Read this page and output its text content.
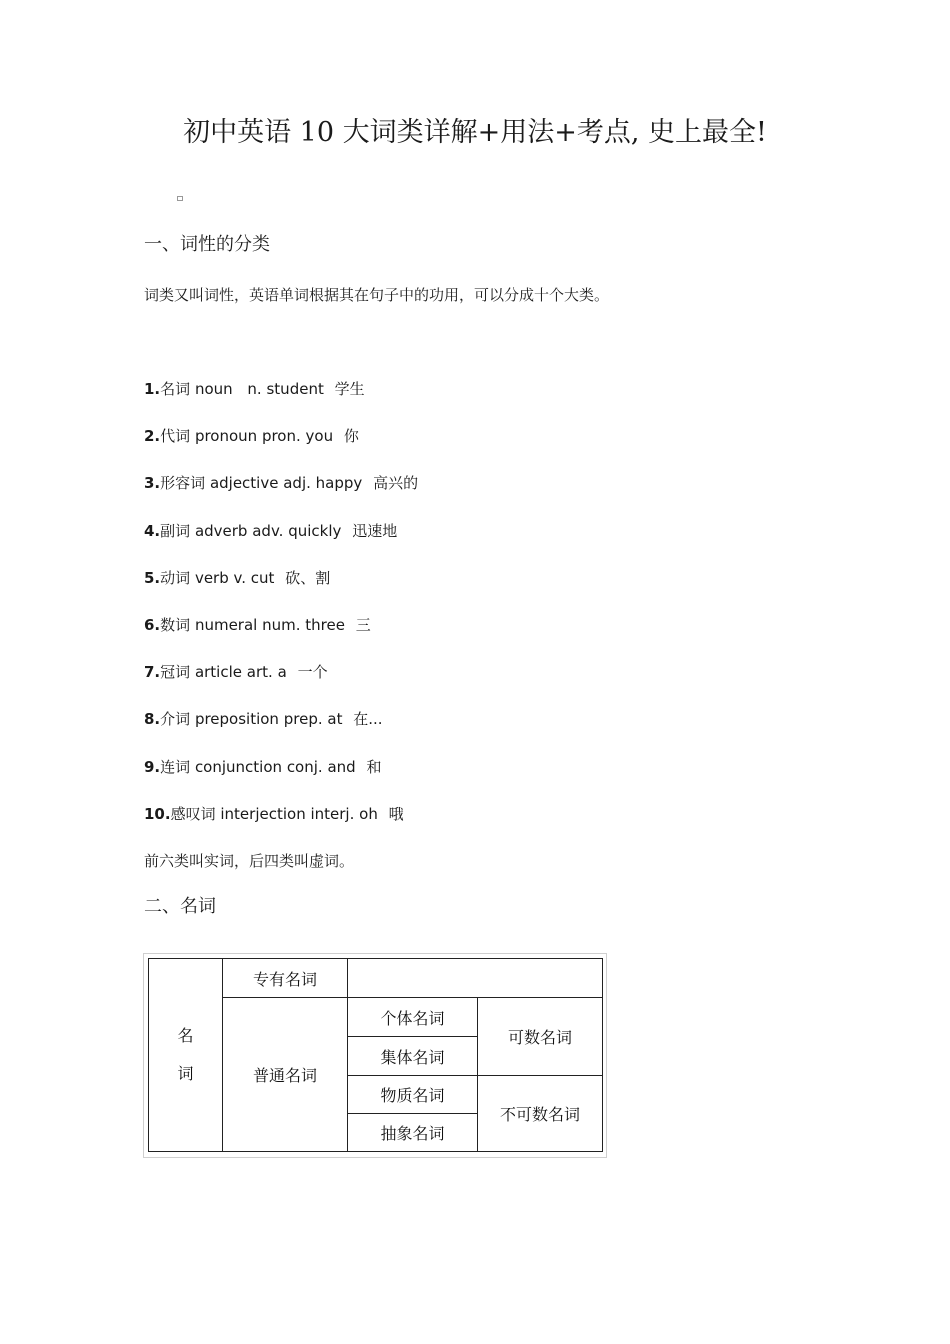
初中英语 10 大词类详解+用法+考点, 史上最全!
一、词性的分类
词类又叫词性，英语单词根据其在句子中的功用，可以分成十个大类。
1.名词 noun n. student 学生
2.代词 pronoun pron. you 你
3.形容词 adjective adj. happy 高兴的
4.副词 adverb adv. quickly 迅速地
5.动词 verb v. cut 砍、割
6.数词 numeral num. three 三
7.冠词 article art. a 一个
8.介词 preposition prep. at 在...
9.连词 conjunction conj. and 和
10.感叹词 interjection interj. oh 哦
前六类叫实词，后四类叫虚词。
二、名词
名
词	专有名词		
	普通名词	个体名词	可数名词
		集体名词	
		物质名词	不可数名词
		抽象名词	
